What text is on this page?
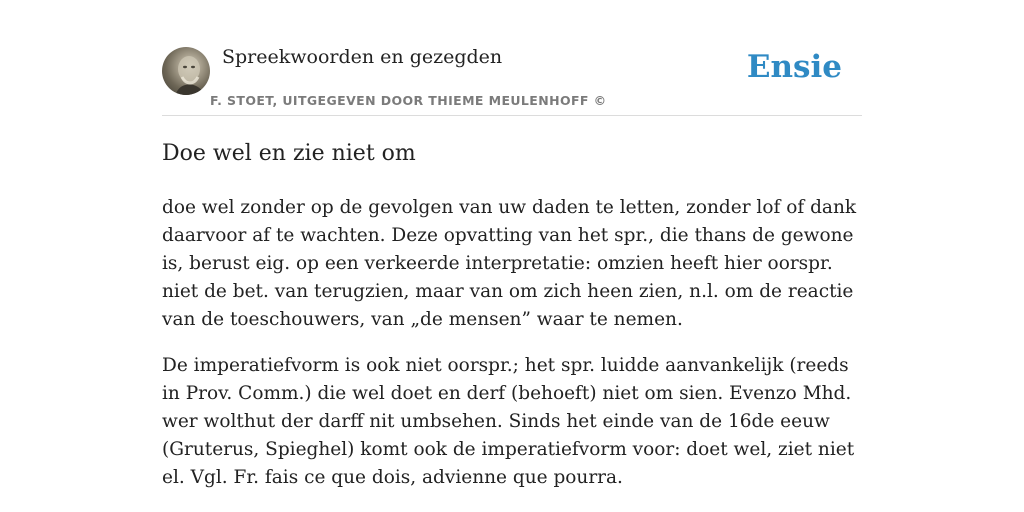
Spreekwoorden en gezegden
F. STOET, UITGEGEVEN DOOR THIEME MEULENHOFF ©
Ensie
Doe wel en zie niet om

doe wel zonder op de gevolgen van uw daden te letten, zonder lof of dank daarvoor af te wachten. Deze opvatting van het spr., die thans de gewone is, berust eig. op een verkeerde interpretatie: omzien heeft hier oorspr. niet de bet. van terugzien, maar van om zich heen zien, n.l. om de reactie van de toeschouwers, van „de mensen” waar te nemen.

De imperatiefvorm is ook niet oorspr.; het spr. luidde aanvankelijk (reeds in Prov. Comm.) die wel doet en derf (behoeft) niet om sien. Evenzo Mhd. wer wolthut der darff nit umbsehen. Sinds het einde van de 16de eeuw (Gruterus, Spieghel) komt ook de imperatiefvorm voor: doet wel, ziet niet el. Vgl. Fr. fais ce que dois, advienne que pourra.
